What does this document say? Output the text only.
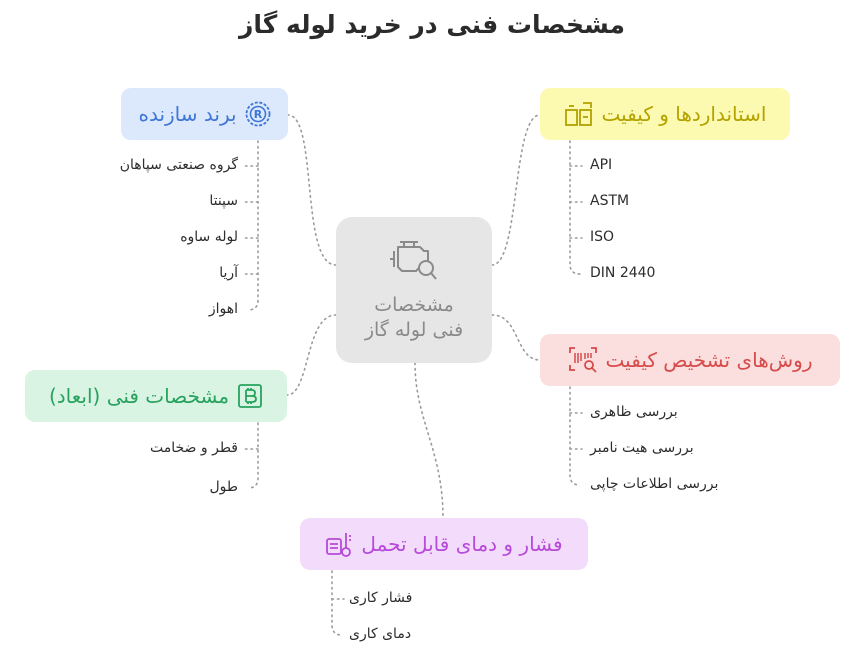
مشخصات فنی در خرید لوله گاز
مشخصات
فنی لوله گاز
R
برند سازنده
گروه صنعتی سپاهان
سپنتا
لوله ساوه
آریا
اهواز
استانداردها و کیفیت
API
ASTM
ISO
DIN 2440
روش‌های تشخیص کیفیت
بررسی ظاهری
بررسی هیت نامبر
بررسی اطلاعات چاپی
مشخصات فنی (ابعاد)
قطر و ضخامت
طول
فشار و دمای قابل تحمل
فشار کاری
دمای کاری
